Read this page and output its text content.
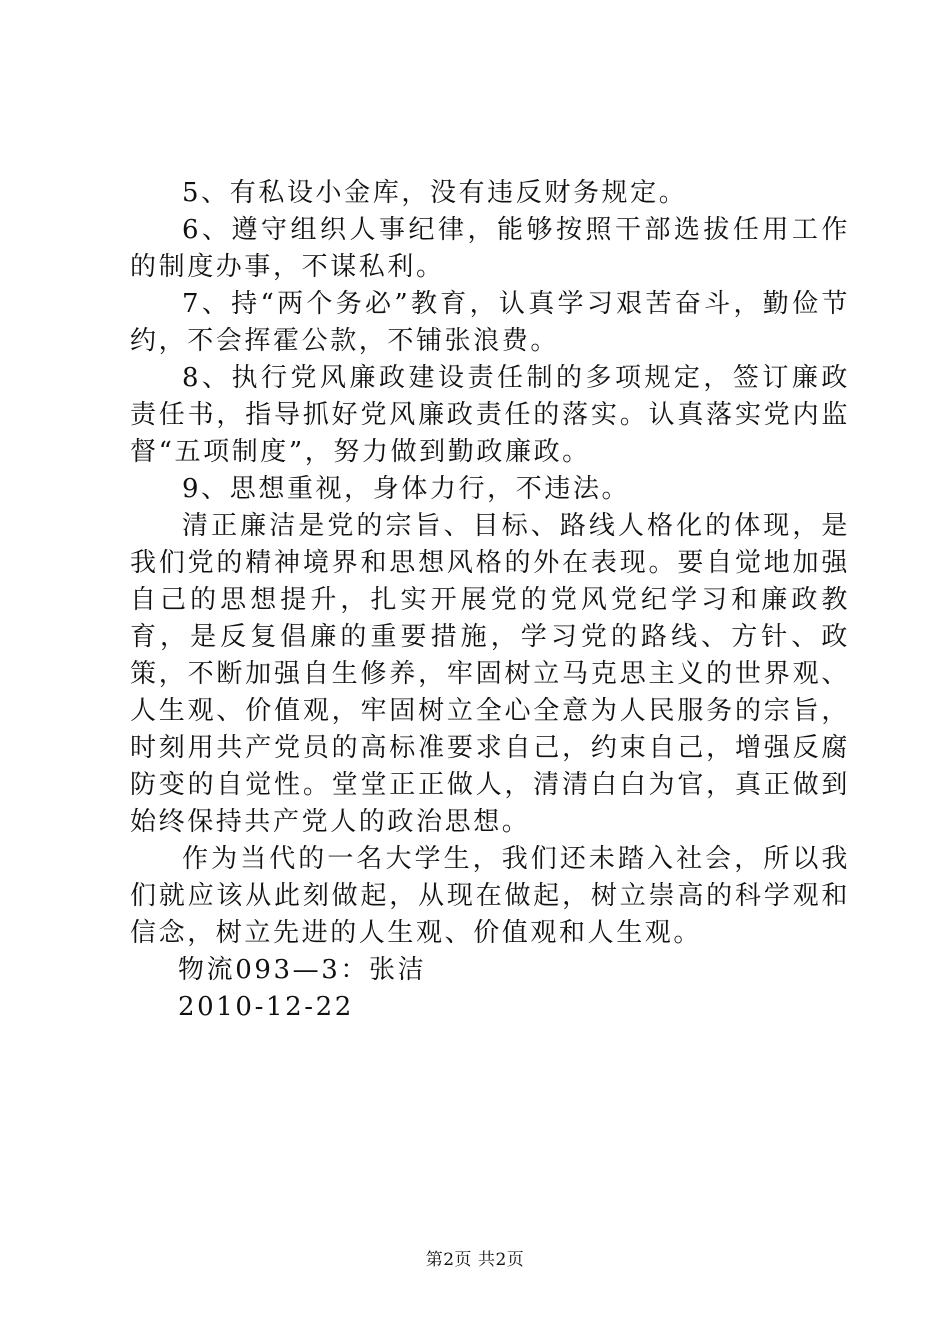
5、有私设小金库，没有违反财务规定。

6、遵守组织人事纪律，能够按照干部选拔任用工作的制度办事，不谋私利。

7、持“两个务必”教育，认真学习艰苦奋斗，勤俭节约，不会挥霍公款，不铺张浪费。

8、执行党风廉政建设责任制的多项规定，签订廉政责任书，指导抓好党风廉政责任的落实。认真落实党内监督“五项制度”，努力做到勤政廉政。

9、思想重视，身体力行，不违法。

清正廉洁是党的宗旨、目标、路线人格化的体现，是我们党的精神境界和思想风格的外在表现。要自觉地加强自己的思想提升，扎实开展党的党风党纪学习和廉政教育，是反复倡廉的重要措施，学习党的路线、方针、政策，不断加强自生修养，牢固树立马克思主义的世界观、人生观、价值观，牢固树立全心全意为人民服务的宗旨，时刻用共产党员的高标准要求自己，约束自己，增强反腐防变的自觉性。堂堂正正做人，清清白白为官，真正做到始终保持共产党人的政治思想。

作为当代的一名大学生，我们还未踏入社会，所以我们就应该从此刻做起，从现在做起，树立崇高的科学观和信念，树立先进的人生观、价值观和人生观。

物流093—3：张洁

2010-12-22

第2页 共2页
